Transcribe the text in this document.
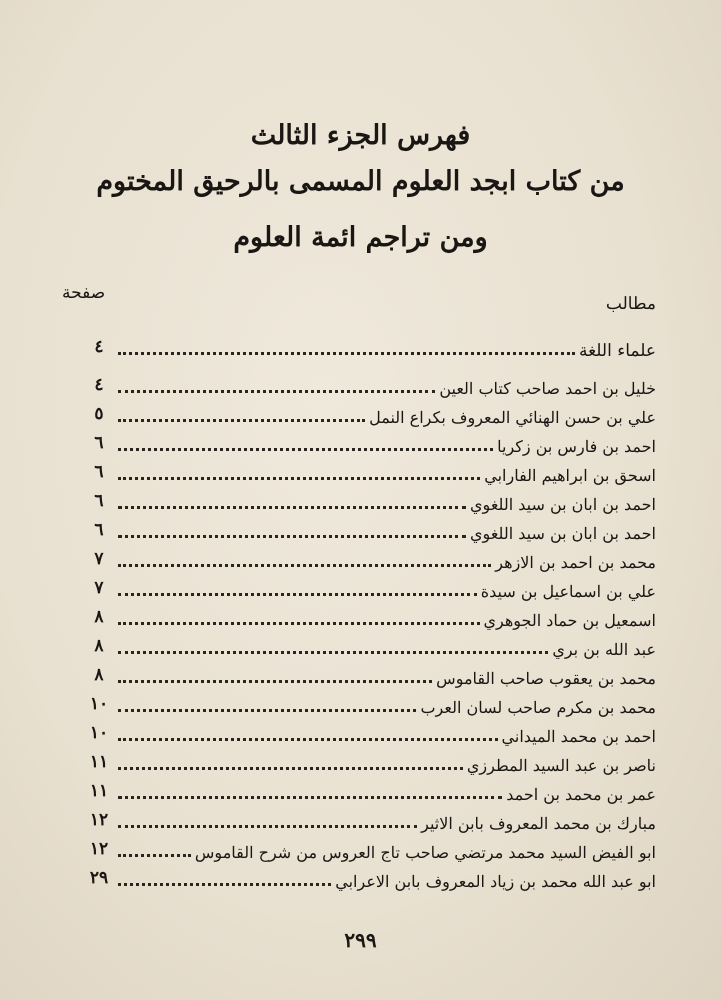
فهرس الجزء الثالث
من كتاب ابجد العلوم المسمى بالرحيق المختوم
ومن تراجم ائمة العلوم
مطالب
صفحة
علماء اللغة
٤
خليل بن احمد صاحب كتاب العين
٤
علي بن حسن الهنائي المعروف بكراع النمل
٥
احمد بن فارس بن زكريا
٦
اسحق بن ابراهيم الفارابي
٦
احمد بن ابان بن سيد اللغوي
٦
احمد بن ابان بن سيد اللغوي
٦
محمد بن احمد بن الازهر
٧
علي بن اسماعيل بن سيدة
٧
اسمعيل بن حماد الجوهري
٨
عبد الله بن بري
٨
محمد بن يعقوب صاحب القاموس
٨
محمد بن مكرم صاحب لسان العرب
١٠
احمد بن محمد الميداني
١٠
ناصر بن عبد السيد المطرزي
١١
عمر بن محمد بن احمد
١١
مبارك بن محمد المعروف بابن الاثير
١٢
ابو الفيض السيد محمد مرتضي صاحب تاج العروس من شرح القاموس
١٢
ابو عبد الله محمد بن زياد المعروف بابن الاعرابي
٢٩
٢٩٩
